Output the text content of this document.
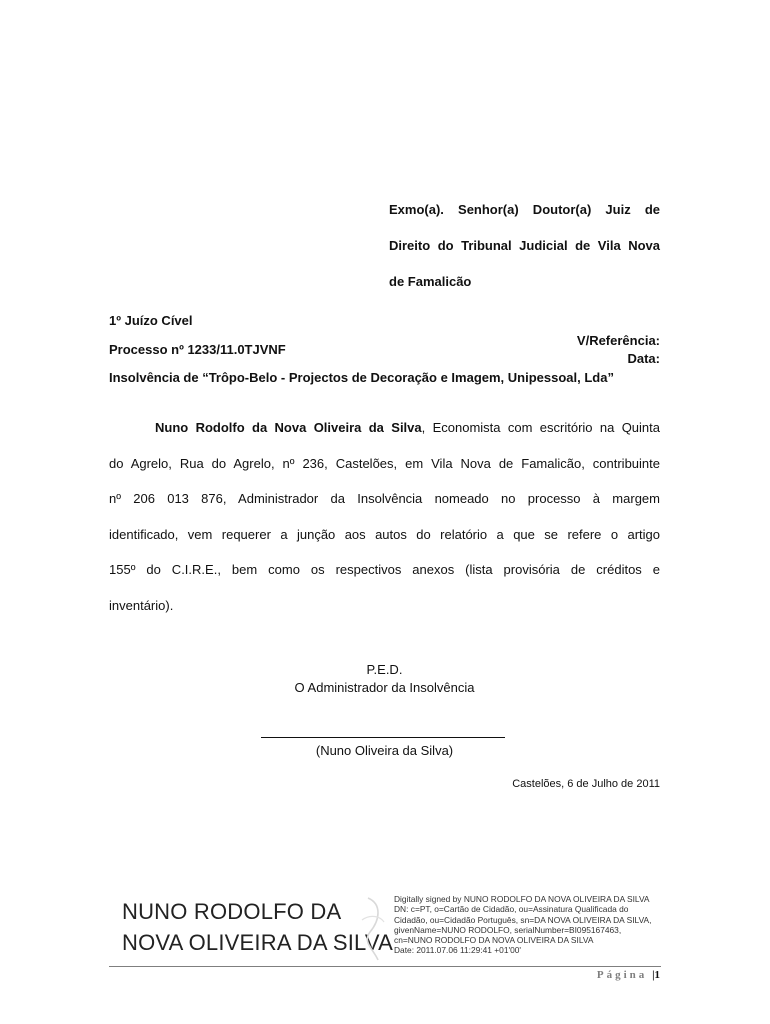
Exmo(a). Senhor(a) Doutor(a) Juiz de
Direito do Tribunal Judicial de Vila Nova
de Famalicão
1º Juízo Cível
Processo nº 1233/11.0TJVNF
Insolvência de “Trôpo-Belo - Projectos de Decoração e Imagem, Unipessoal, Lda”
V/Referência:
Data:
Nuno Rodolfo da Nova Oliveira da Silva, Economista com escritório na Quinta
do Agrelo, Rua do Agrelo, nº 236, Castelões, em Vila Nova de Famalicão, contribuinte
nº 206 013 876, Administrador da Insolvência nomeado no processo à margem
identificado, vem requerer a junção aos autos do relatório a que se refere o artigo
155º do C.I.R.E., bem como os respectivos anexos (lista provisória de créditos e
inventário).
P.E.D.
O Administrador da Insolvência
(Nuno Oliveira da Silva)
Castelões, 6 de Julho de 2011
NUNO RODOLFO DA
NOVA OLIVEIRA DA SILVA
Digitally signed by NUNO RODOLFO DA NOVA OLIVEIRA DA SILVA
DN: c=PT, o=Cartão de Cidadão, ou=Assinatura Qualificada do
Cidadão, ou=Cidadão Português, sn=DA NOVA OLIVEIRA DA SILVA,
givenName=NUNO RODOLFO, serialNumber=BI095167463,
cn=NUNO RODOLFO DA NOVA OLIVEIRA DA SILVA
Date: 2011.07.06 11:29:41 +01'00'
Página |1
